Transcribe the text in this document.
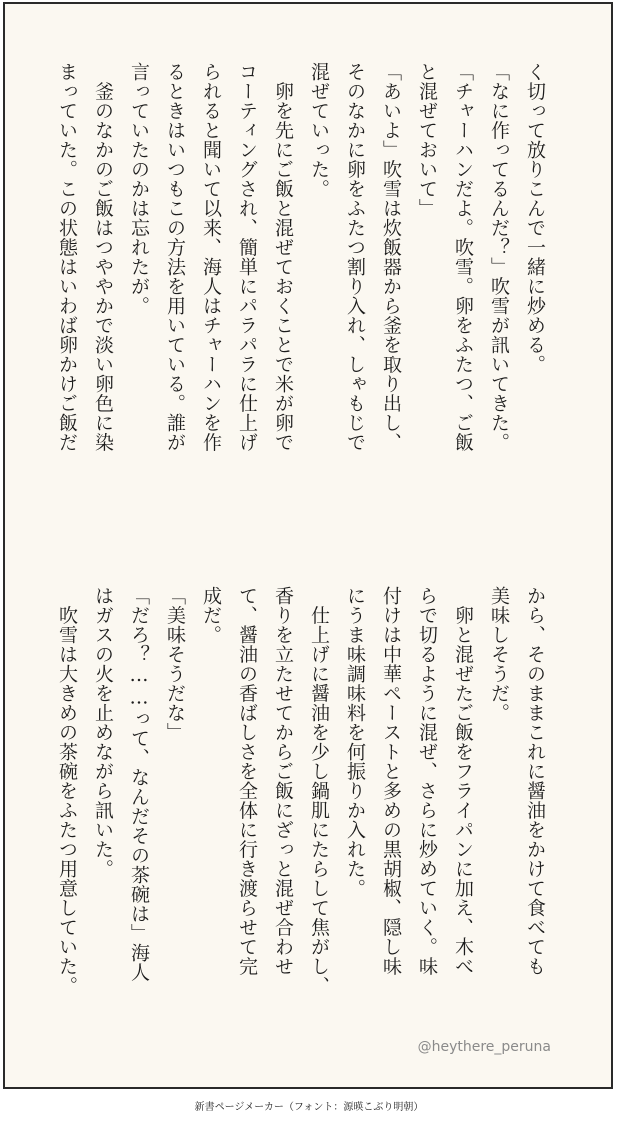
く切って放りこんで一緒に炒める。
「なに作ってるんだ？」吹雪が訊いてきた。
「チャーハンだよ。吹雪。卵をふたつ、ご飯
と混ぜておいて」
「あいよ」吹雪は炊飯器から釜を取り出し、
そのなかに卵をふたつ割り入れ、しゃもじで
混ぜていった。
　卵を先にご飯と混ぜておくことで米が卵で
コーティングされ、簡単にパラパラに仕上げ
られると聞いて以来、海人はチャーハンを作
るときはいつもこの方法を用いている。誰が
言っていたのかは忘れたが。
　釜のなかのご飯はつややかで淡い卵色に染
まっていた。この状態はいわば卵かけご飯だ
から、そのままこれに醤油をかけて食べても
美味しそうだ。
　卵と混ぜたご飯をフライパンに加え、木べ
らで切るように混ぜ、さらに炒めていく。味
付けは中華ペーストと多めの黒胡椒、隠し味
にうま味調味料を何振りか入れた。
　仕上げに醤油を少し鍋肌にたらして焦がし、
香りを立たせてからご飯にざっと混ぜ合わせ
て、醤油の香ばしさを全体に行き渡らせて完
成だ。
「美味そうだな」
「だろ？……って、なんだその茶碗は」海人
はガスの火を止めながら訊いた。
　吹雪は大きめの茶碗をふたつ用意していた。
@heythere_peruna
新書ページメーカー（フォント：源暎こぶり明朝）
